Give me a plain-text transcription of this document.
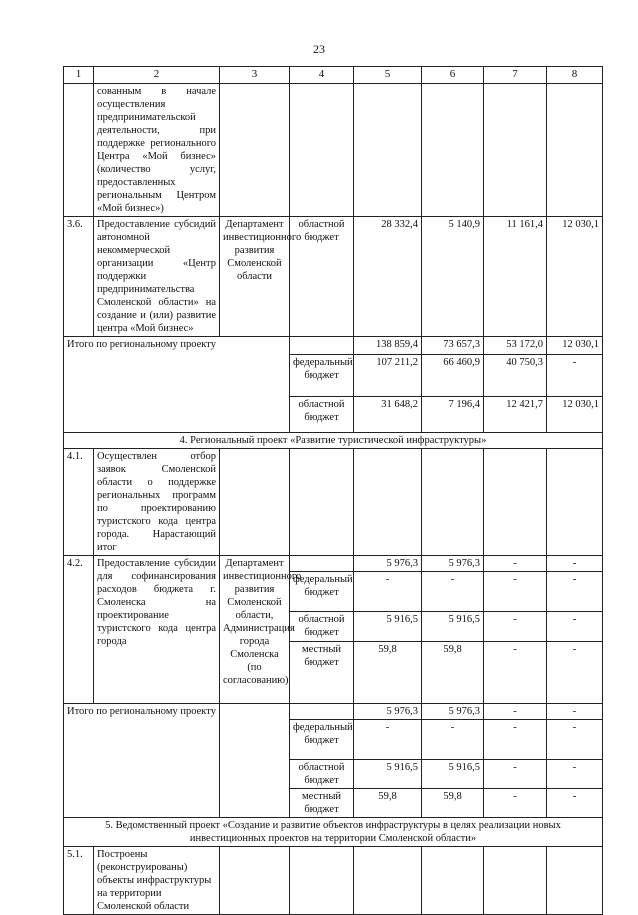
23
1	2	3	4	5	6	7	8
	сованным в начале осуществления предпринимательской деятельности, при поддержке регионального Центра «Мой бизнес» (количество услуг, предоставленных региональным Центром «Мой бизнес»)						
3.6.	Предоставление субсидий автономной некоммерческой организации «Центр поддержки предпринимательства Смоленской области» на создание и (или) развитие центра «Мой бизнес»	Департамент инвестиционного развития Смоленской области	областной бюджет	28 332,4	5 140,9	11 161,4	12 030,1
Итого по региональному проекту				138 859,4	73 657,3	53 172,0	12 030,1
			федеральный бюджет	107 211,2	66 460,9	40 750,3	-
			областной бюджет	31 648,2	7 196,4	12 421,7	12 030,1
4. Региональный проект «Развитие туристической инфраструктуры»							
4.1.	Осуществлен отбор заявок Смоленской области о поддержке региональных программ по проектированию туристского кода центра города. Нарастающий итог						
4.2.	Предоставление субсидии для софинансирования расходов бюджета г. Смоленска на проектирование туристского кода центра города	Департамент инвестиционного развития Смоленской области, Администрация города Смоленска (по согласованию)		5 976,3	5 976,3	-	-
			федеральный бюджет	-	-	-	-
			областной бюджет	5 916,5	5 916,5	-	-
			местный бюджет	59,8	59,8	-	-
Итого по региональному проекту				5 976,3	5 976,3	-	-
			федеральный бюджет	-	-	-	-
			областной бюджет	5 916,5	5 916,5	-	-
			местный бюджет	59,8	59,8	-	-
5. Ведомственный проект «Создание и развитие объектов инфраструктуры в целях реализации новых инвестиционных проектов на территории Смоленской области»							
5.1.	Построены (реконструированы) объекты инфраструктуры на территории Смоленской области						
